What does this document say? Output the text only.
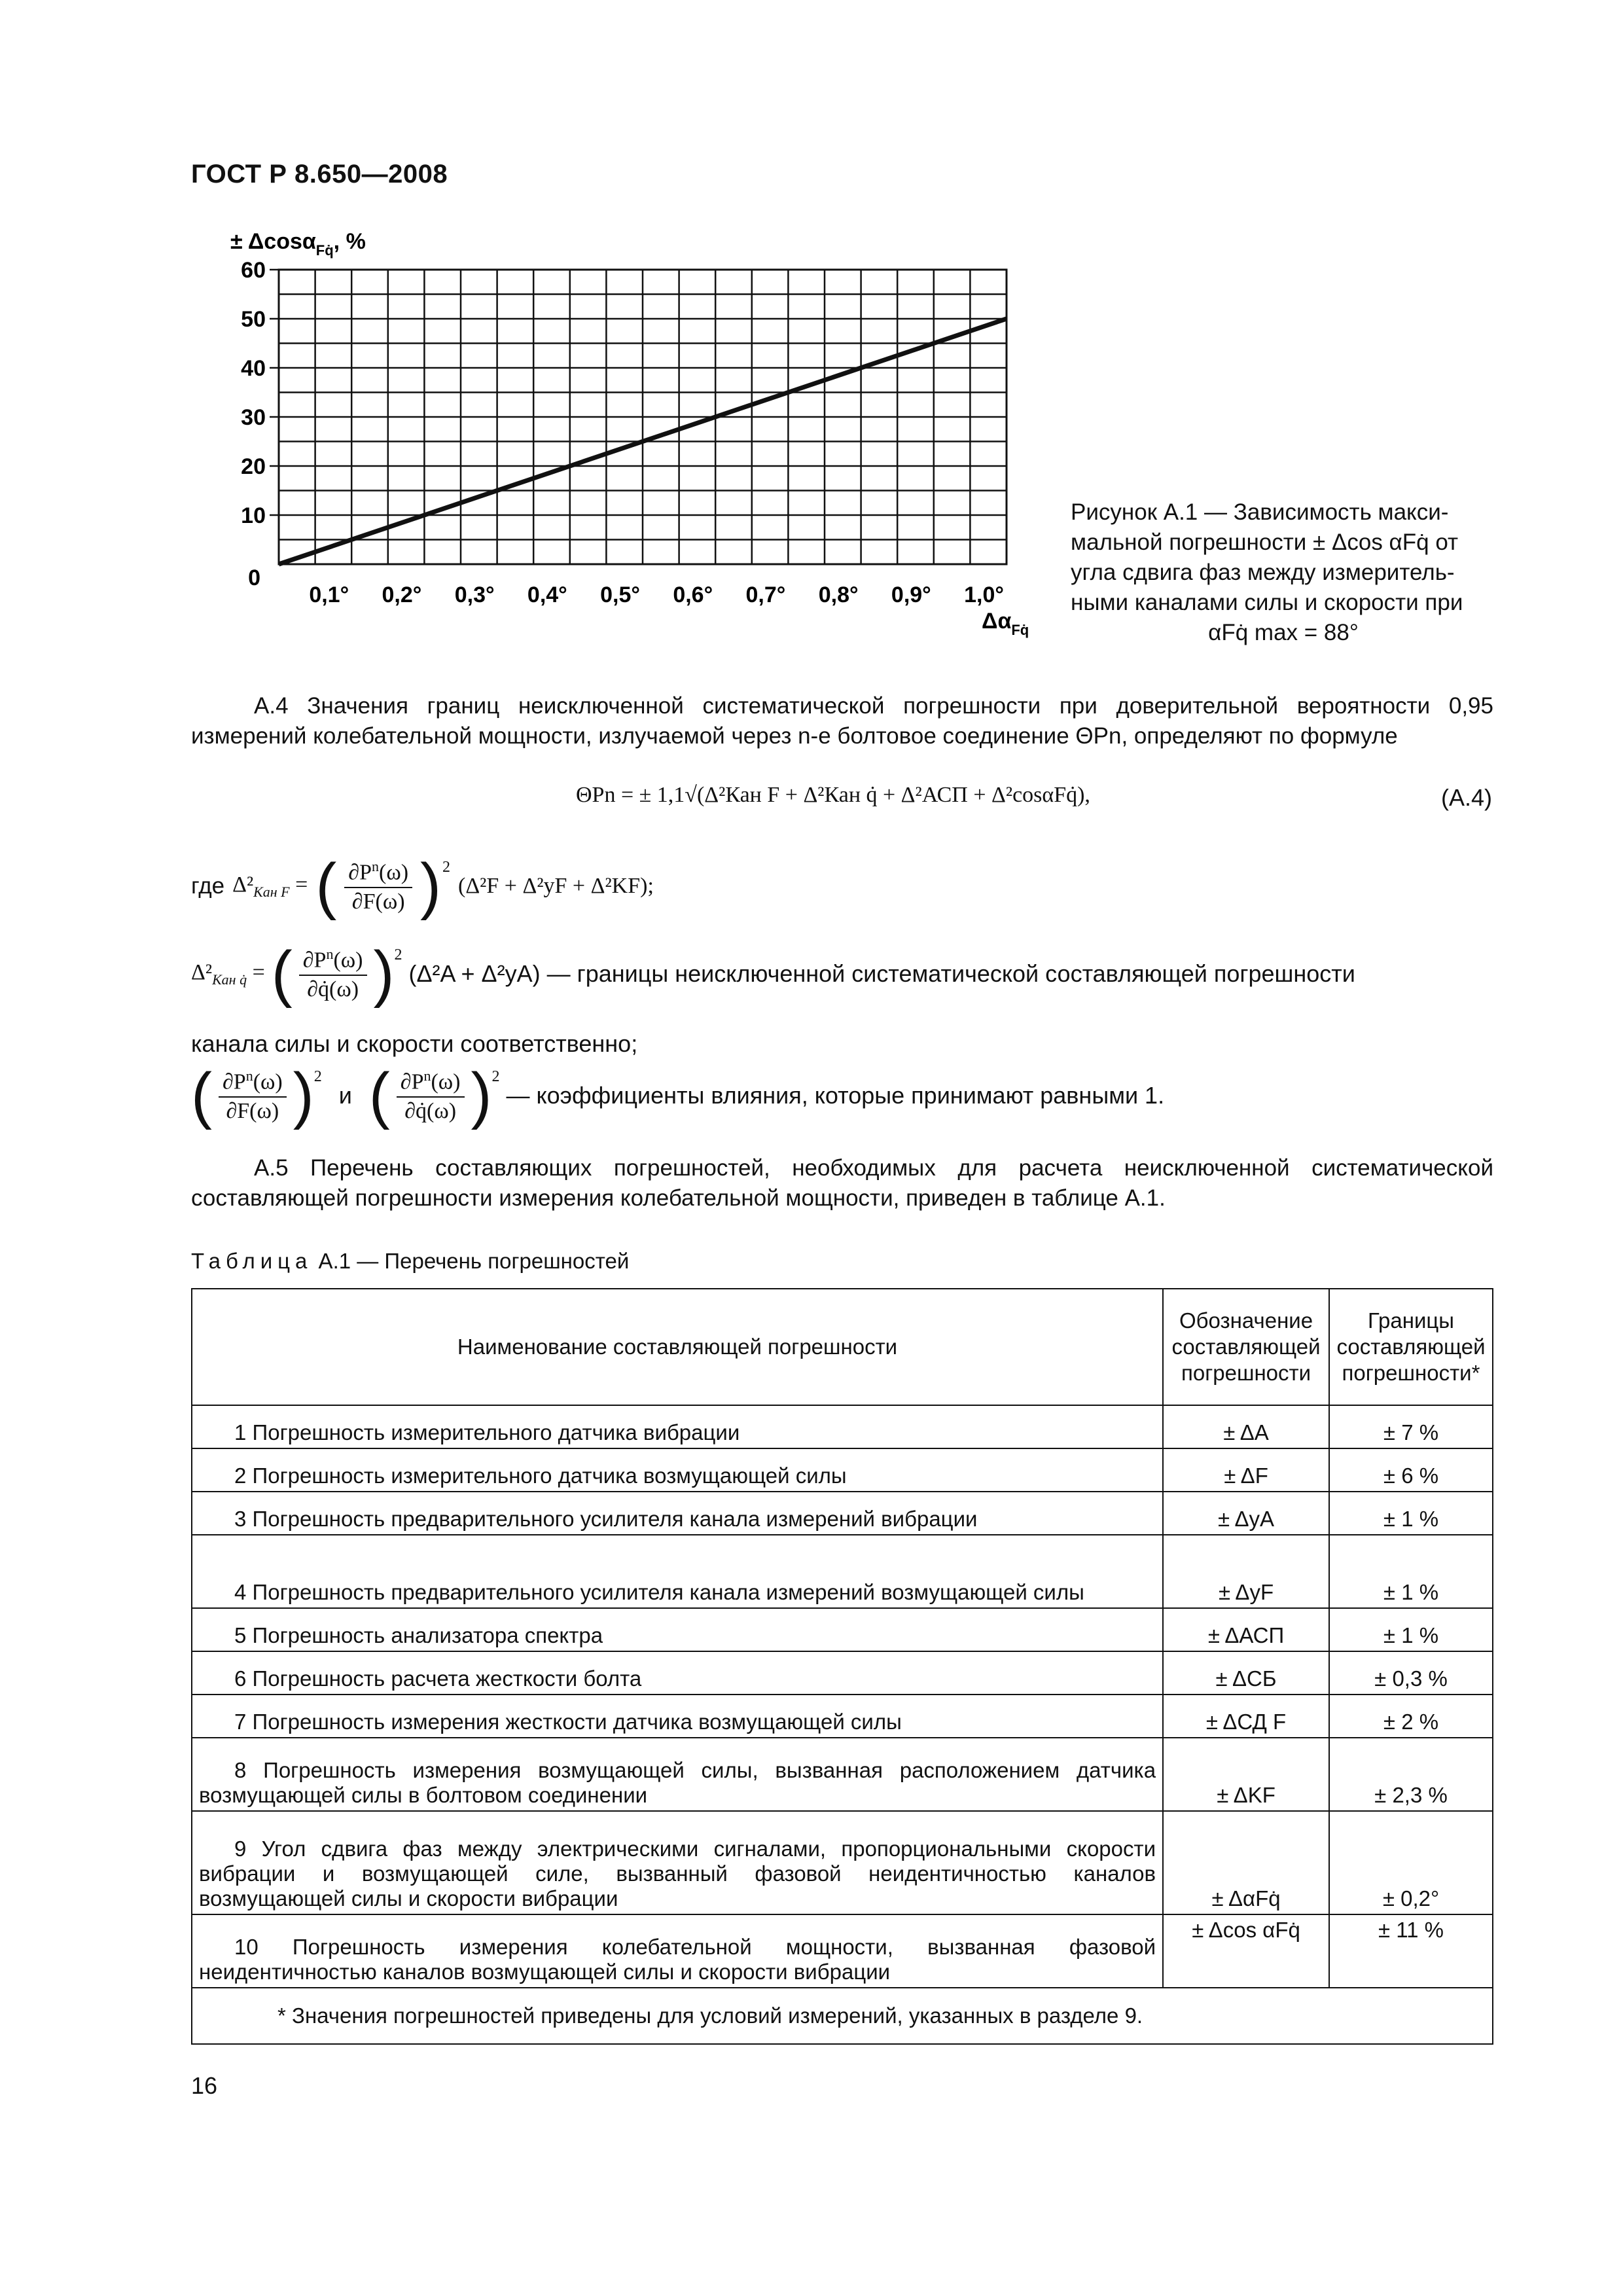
ГОСТ Р 8.650—2008
0
10
20
30
40
50
60
0,1° 0,2° 0,3° 0,4° 0,5° 0,6° 0,7° 0,8° 0,9° 1,0°
± Δcosα$_{Fq̇}$, %
$\Delta\alpha_{Fq̇}$
Рисунок А.1 — Зависимость макси-
мальной погрешности ± Δcos αFq̇ от
угла сдвига фаз между измеритель-
ными каналами силы и скорости при
αFq̇ max = 88°
А.4 Значения границ неисключенной систематической погрешности при доверительной вероятности 0,95 измерений колебательной мощности, излучаемой через n-е болтовое соединение ΘPn, определяют по формуле
ΘPn = ± 1,1√(Δ²Кан F + Δ²Кан q̇ + Δ²АСП + Δ²cosαFq̇),	(А.4)
где $\Delta^2_{Кан F}$ = ( $\frac{\partial P^n(\omega)}{\partial F(\omega)} )^2$
(Δ²F + Δ²yF + Δ²KF);
$\Delta^2_{Кан q̇}$ = ( $\frac{\partial P^n(\omega)}{\partial q̇(\omega)} )^2$
(Δ²A + Δ²yA) — границы неисключенной систематической составляющей погрешности
канала силы и скорости соответственно;
( $\frac{\partial P^n(\omega)}{\partial F(\omega)} )^2$
и ( $\frac{\partial P^n(\omega)}{\partial q̇(\omega)} )^2$
— коэффициенты влияния, которые принимают равными 1.
А.5 Перечень составляющих погрешностей, необходимых для расчета неисключенной систематической составляющей погрешности измерения колебательной мощности, приведен в таблице А.1.
Таблица А.1 — Перечень погрешностей
Наименование составляющей погрешности	Обозначение составляющей погрешности	Границы составляющей погрешности*

1 Погрешность измерительного датчика вибрации	± ΔA	± 7 %

2 Погрешность измерительного датчика возмущающей силы	± ΔF	± 6 %

3 Погрешность предварительного усилителя канала измерений вибрации	± ΔyA	± 1 %

4 Погрешность предварительного усилителя канала измерений возмущающей силы	± ΔyF	± 1 %

5 Погрешность анализатора спектра	± ΔАСП	± 1 %

6 Погрешность расчета жесткости болта	± ΔСБ	± 0,3 %

7 Погрешность измерения жесткости датчика возмущающей силы	± ΔСД F	± 2 %

8 Погрешность измерения возмущающей силы, вызванная расположением датчика возмущающей силы в болтовом соединении	± ΔKF	± 2,3 %

9 Угол сдвига фаз между электрическими сигналами, пропорциональными скорости вибрации и возмущающей силе, вызванный фазовой неидентичностью каналов возмущающей силы и скорости вибрации	± ΔαFq̇	± 0,2°

10 Погрешность измерения колебательной мощности, вызванная фазовой неидентичностью каналов возмущающей силы и скорости вибрации	± Δcos αFq̇	± 11 %
* Значения погрешностей приведены для условий измерений, указанных в разделе 9.		
16
